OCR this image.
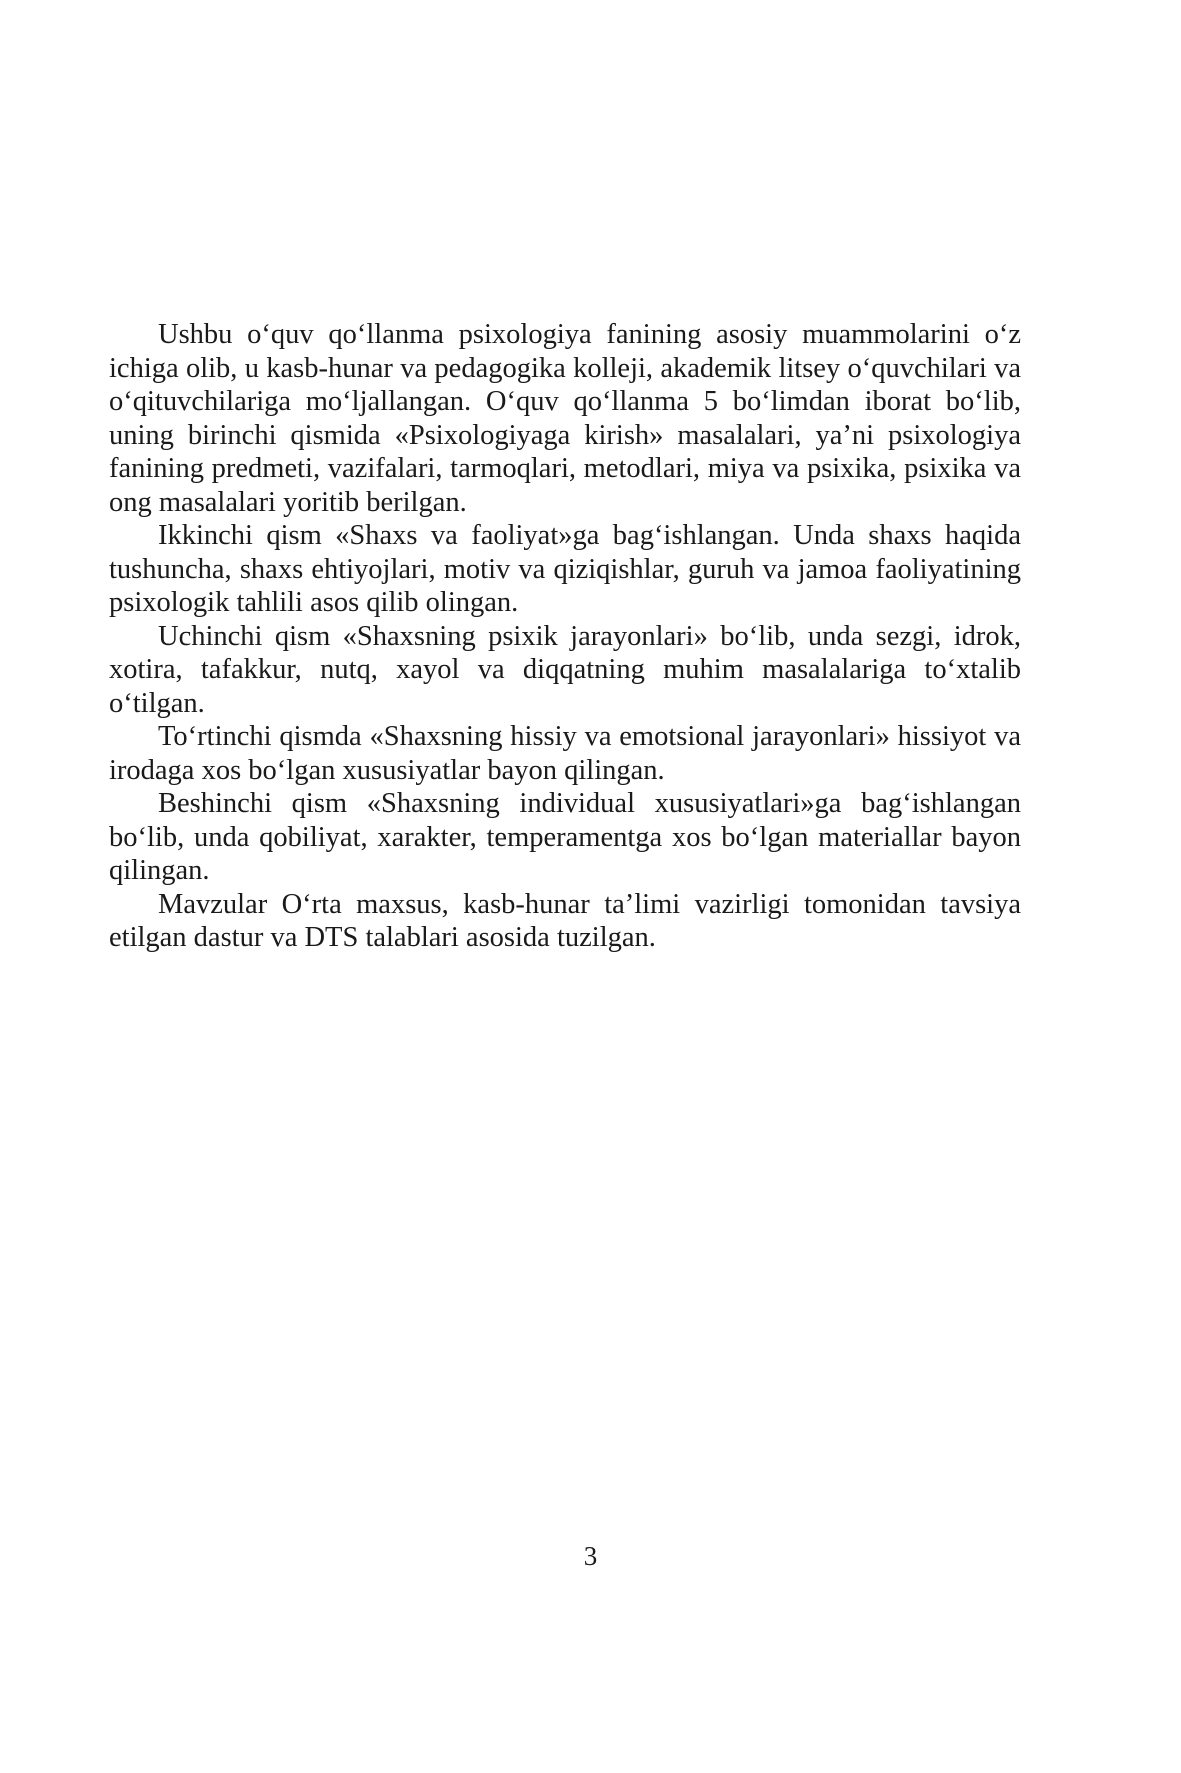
Ushbu o‘quv qo‘llanma psixologiya fanining asosiy muammolarini o‘z ichiga olib, u kasb-hunar va pedagogika kolleji, akademik litsey o‘quvchilari va o‘qituvchilariga mo‘ljallangan. O‘quv qo‘llanma 5 bo‘limdan iborat bo‘lib, uning birinchi qismida «Psixologiyaga kirish» masalalari, ya’ni psixologiya fanining predmeti, vazifalari, tarmoqlari, metodlari, miya va psixika, psixika va ong masalalari yoritib berilgan.

Ikkinchi qism «Shaxs va faoliyat»ga bag‘ishlangan. Unda shaxs haqida tushuncha, shaxs ehtiyojlari, motiv va qiziqishlar, guruh va jamoa faoliyatining psixologik tahlili asos qilib olingan.

Uchinchi qism «Shaxsning psixik jarayonlari» bo‘lib, unda sezgi, idrok, xotira, tafakkur, nutq, xayol va diqqatning muhim masalalariga to‘xtalib o‘tilgan.

To‘rtinchi qismda «Shaxsning hissiy va emotsional jarayonlari» hissiyot va irodaga xos bo‘lgan xususiyatlar bayon qilingan.

Beshinchi qism «Shaxsning individual xususiyatlari»ga bag‘ishlangan bo‘lib, unda qobiliyat, xarakter, temperamentga xos bo‘lgan materiallar bayon qilingan.

Mavzular O‘rta maxsus, kasb-hunar ta’limi vazirligi tomonidan tavsiya etilgan dastur va DTS talablari asosida tuzilgan.

3
